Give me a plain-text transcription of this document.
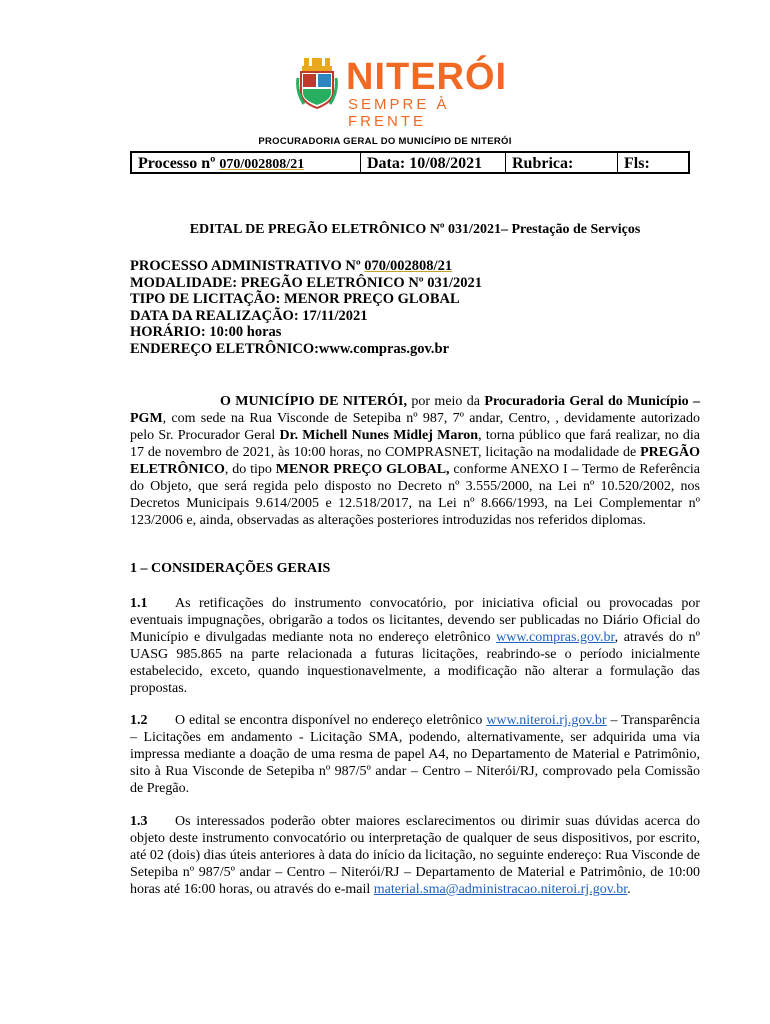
NITERÓI
SEMPRE À FRENTE
PROCURADORIA GERAL DO MUNICÍPIO DE NITERÓI
Processo nº 070/002808/21	Data: 10/08/2021	Rubrica:	Fls:
EDITAL DE PREGÃO ELETRÔNICO Nº 031/2021– Prestação de Serviços
PROCESSO ADMINISTRATIVO Nº 070/002808/21
MODALIDADE: PREGÃO ELETRÔNICO Nº 031/2021
TIPO DE LICITAÇÃO: MENOR PREÇO GLOBAL
DATA DA REALIZAÇÃO: 17/11/2021
HORÁRIO: 10:00 horas
ENDEREÇO ELETRÔNICO:www.compras.gov.br
O MUNICÍPIO DE NITERÓI, por meio da Procuradoria Geral do Município – PGM, com sede na Rua Visconde de Setepiba nº 987, 7º andar, Centro, , devidamente autorizado pelo Sr. Procurador Geral Dr. Michell Nunes Midlej Maron, torna público que fará realizar, no dia 17 de novembro de 2021, às 10:00 horas, no COMPRASNET, licitação na modalidade de PREGÃO ELETRÔNICO, do tipo MENOR PREÇO GLOBAL, conforme ANEXO I – Termo de Referência do Objeto, que será regida pelo disposto no Decreto nº 3.555/2000, na Lei nº 10.520/2002, nos Decretos Municipais 9.614/2005 e 12.518/2017, na Lei nº 8.666/1993, na Lei Complementar nº 123/2006 e, ainda, observadas as alterações posteriores introduzidas nos referidos diplomas.
1 – CONSIDERAÇÕES GERAIS
1.1 As retificações do instrumento convocatório, por iniciativa oficial ou provocadas por eventuais impugnações, obrigarão a todos os licitantes, devendo ser publicadas no Diário Oficial do Município e divulgadas mediante nota no endereço eletrônico www.compras.gov.br, através do nº UASG 985.865 na parte relacionada a futuras licitações, reabrindo-se o período inicialmente estabelecido, exceto, quando inquestionavelmente, a modificação não alterar a formulação das propostas.
1.2 O edital se encontra disponível no endereço eletrônico www.niteroi.rj.gov.br – Transparência – Licitações em andamento - Licitação SMA, podendo, alternativamente, ser adquirida uma via impressa mediante a doação de uma resma de papel A4, no Departamento de Material e Patrimônio, sito à Rua Visconde de Setepiba nº 987/5º andar – Centro – Niterói/RJ, comprovado pela Comissão de Pregão.
1.3 Os interessados poderão obter maiores esclarecimentos ou dirimir suas dúvidas acerca do objeto deste instrumento convocatório ou interpretação de qualquer de seus dispositivos, por escrito, até 02 (dois) dias úteis anteriores à data do início da licitação, no seguinte endereço: Rua Visconde de Setepiba nº 987/5º andar – Centro – Niterói/RJ – Departamento de Material e Patrimônio, de 10:00 horas até 16:00 horas, ou através do e-mail material.sma@administracao.niteroi.rj.gov.br.
